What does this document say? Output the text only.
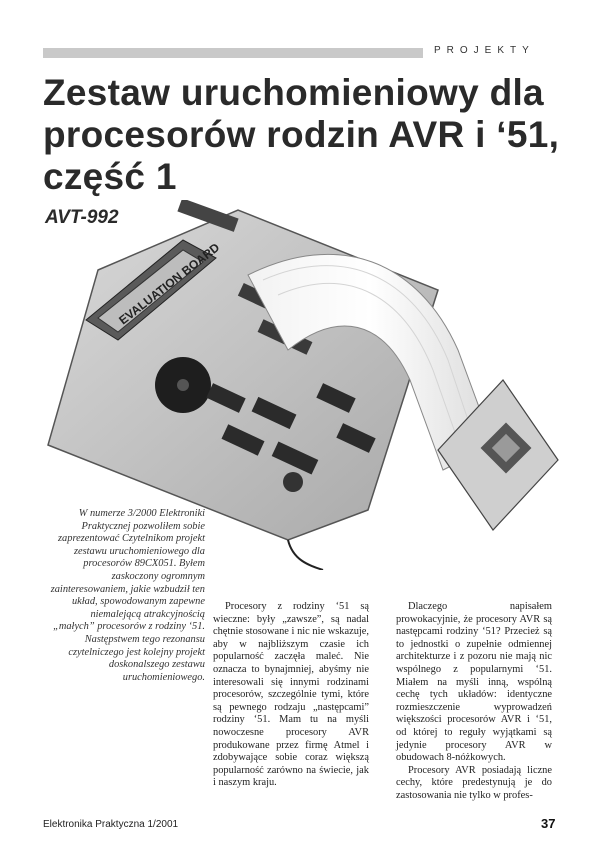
PROJEKTY
Zestaw uruchomieniowy dla procesorów rodzin AVR i ‘51, część 1
EVALUATION BOARD
AVT-992

W numerze 3/2000 Elektroniki Praktycznej pozwoliłem sobie zaprezentować Czytelnikom projekt zestawu uruchomieniowego dla procesorów 89CX051. Byłem zaskoczony ogromnym zainteresowaniem, jakie wzbudził ten układ, spowodowanym zapewne niemalejącą atrakcyjnością „małych” procesorów z rodziny ‘51. Następstwem tego rezonansu czytelniczego jest kolejny projekt doskonalszego zestawu uruchomieniowego.

Procesory z rodziny ‘51 są wieczne: były „zawsze”, są nadal chętnie stosowane i nic nie wskazuje, aby w najbliższym czasie ich popularność zaczęła maleć. Nie oznacza to bynajmniej, abyśmy nie interesowali się innymi rodzinami procesorów, szczególnie tymi, które są pewnego rodzaju „następcami” rodziny ‘51. Mam tu na myśli nowoczesne procesory AVR produkowane przez firmę Atmel i zdobywające sobie coraz większą popularność zarówno na świecie, jak i naszym kraju.

Dlaczego napisałem prowokacyjnie, że procesory AVR są następcami rodziny ‘51? Przecież są to jednostki o zupełnie odmiennej architekturze i z pozoru nie mają nic wspólnego z popularnymi ‘51. Miałem na myśli inną, wspólną cechę tych układów: identyczne rozmieszczenie wyprowadzeń większości procesorów AVR i ‘51, od której to reguły wyjątkami są jedynie procesory AVR w obudowach 8-nóżkowych.

Procesory AVR posiadają liczne cechy, które predestynują je do zastosowania nie tylko w profes-

Elektronika Praktyczna 1/2001	37
